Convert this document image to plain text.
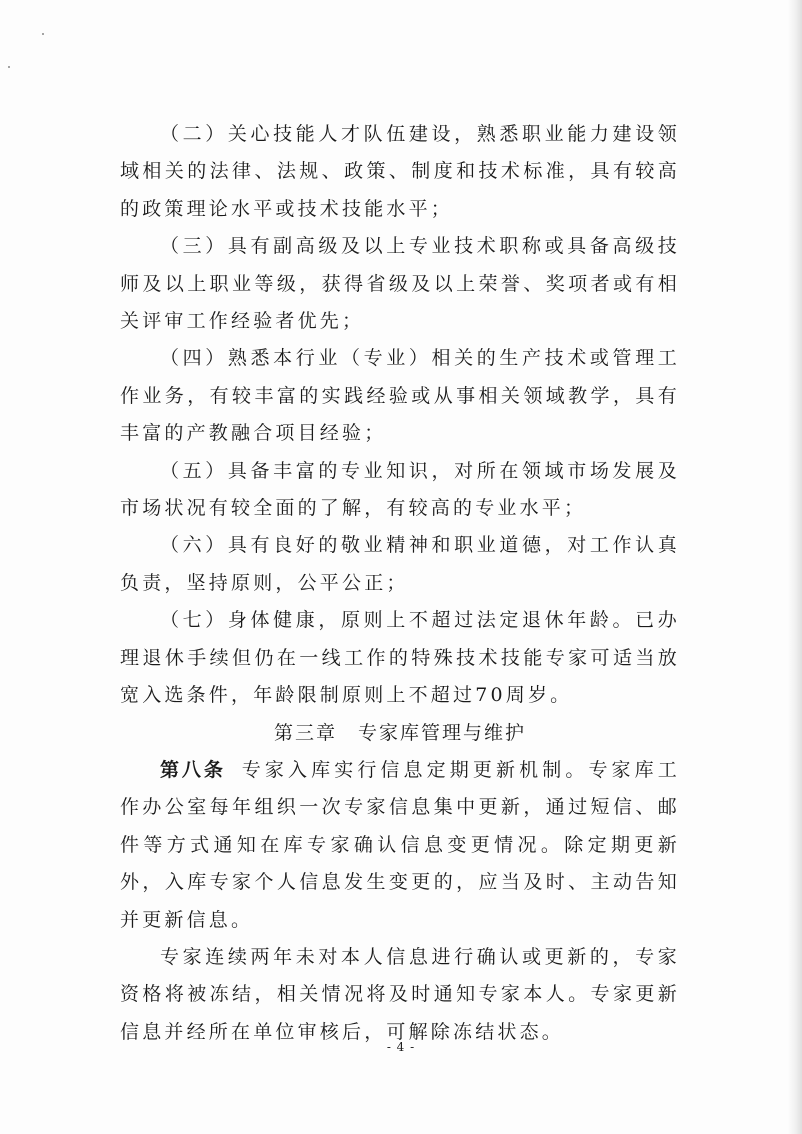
（二）关心技能人才队伍建设，熟悉职业能力建设领域相关的法律、法规、政策、制度和技术标准，具有较高的政策理论水平或技术技能水平；

（三）具有副高级及以上专业技术职称或具备高级技师及以上职业等级，获得省级及以上荣誉、奖项者或有相关评审工作经验者优先；

（四）熟悉本行业（专业）相关的生产技术或管理工作业务，有较丰富的实践经验或从事相关领域教学，具有丰富的产教融合项目经验；

（五）具备丰富的专业知识，对所在领域市场发展及市场状况有较全面的了解，有较高的专业水平；

（六）具有良好的敬业精神和职业道德，对工作认真负责，坚持原则，公平公正；

（七）身体健康，原则上不超过法定退休年龄。已办理退休手续但仍在一线工作的特殊技术技能专家可适当放宽入选条件，年龄限制原则上不超过70周岁。

第三章　专家库管理与维护

第八条 专家入库实行信息定期更新机制。专家库工作办公室每年组织一次专家信息集中更新，通过短信、邮件等方式通知在库专家确认信息变更情况。除定期更新外，入库专家个人信息发生变更的，应当及时、主动告知并更新信息。

专家连续两年未对本人信息进行确认或更新的，专家资格将被冻结，相关情况将及时通知专家本人。专家更新信息并经所在单位审核后，可解除冻结状态。

- 4 -
